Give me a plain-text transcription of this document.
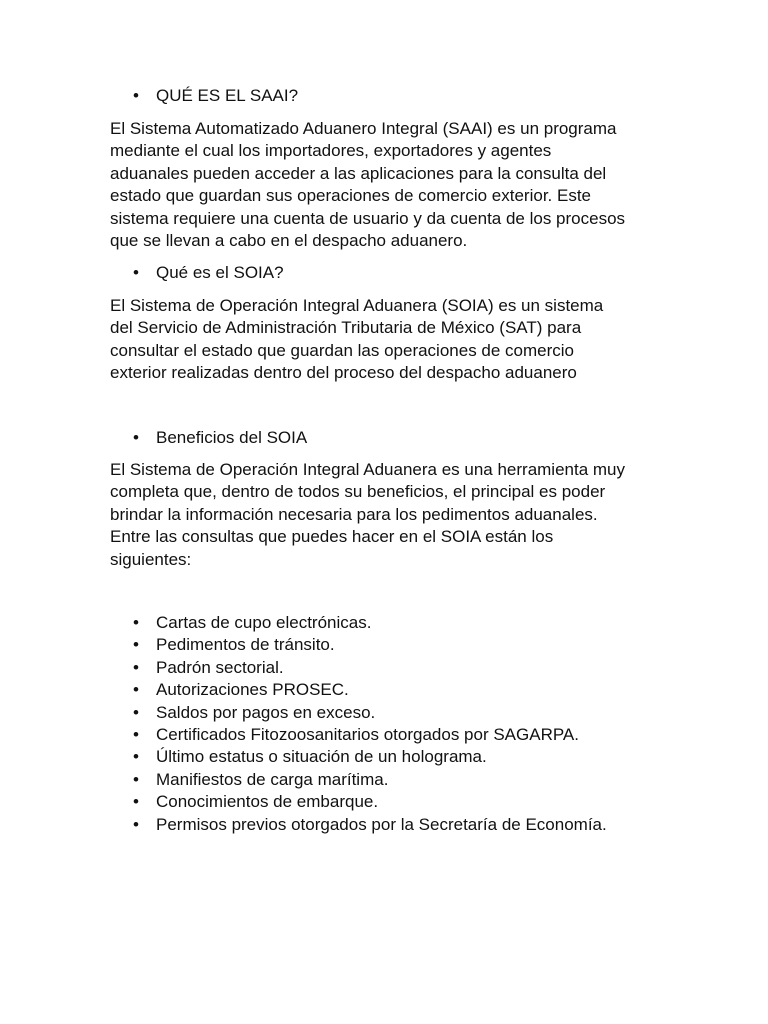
• QUÉ ES EL SAAI?

El Sistema Automatizado Aduanero Integral (SAAI) es un programa
mediante el cual los importadores, exportadores y agentes
aduanales pueden acceder a las aplicaciones para la consulta del
estado que guardan sus operaciones de comercio exterior. Este
sistema requiere una cuenta de usuario y da cuenta de los procesos
que se llevan a cabo en el despacho aduanero.

• Qué es el SOIA?

El Sistema de Operación Integral Aduanera (SOIA) es un sistema
del Servicio de Administración Tributaria de México (SAT) para
consultar el estado que guardan las operaciones de comercio
exterior realizadas dentro del proceso del despacho aduanero

• Beneficios del SOIA

El Sistema de Operación Integral Aduanera es una herramienta muy
completa que, dentro de todos su beneficios, el principal es poder
brindar la información necesaria para los pedimentos aduanales.
Entre las consultas que puedes hacer en el SOIA están los
siguientes:

• Cartas de cupo electrónicas.
• Pedimentos de tránsito.
• Padrón sectorial.
• Autorizaciones PROSEC.
• Saldos por pagos en exceso.
• Certificados Fitozoosanitarios otorgados por SAGARPA.
• Último estatus o situación de un holograma.
• Manifiestos de carga marítima.
• Conocimientos de embarque.
• Permisos previos otorgados por la Secretaría de Economía.
